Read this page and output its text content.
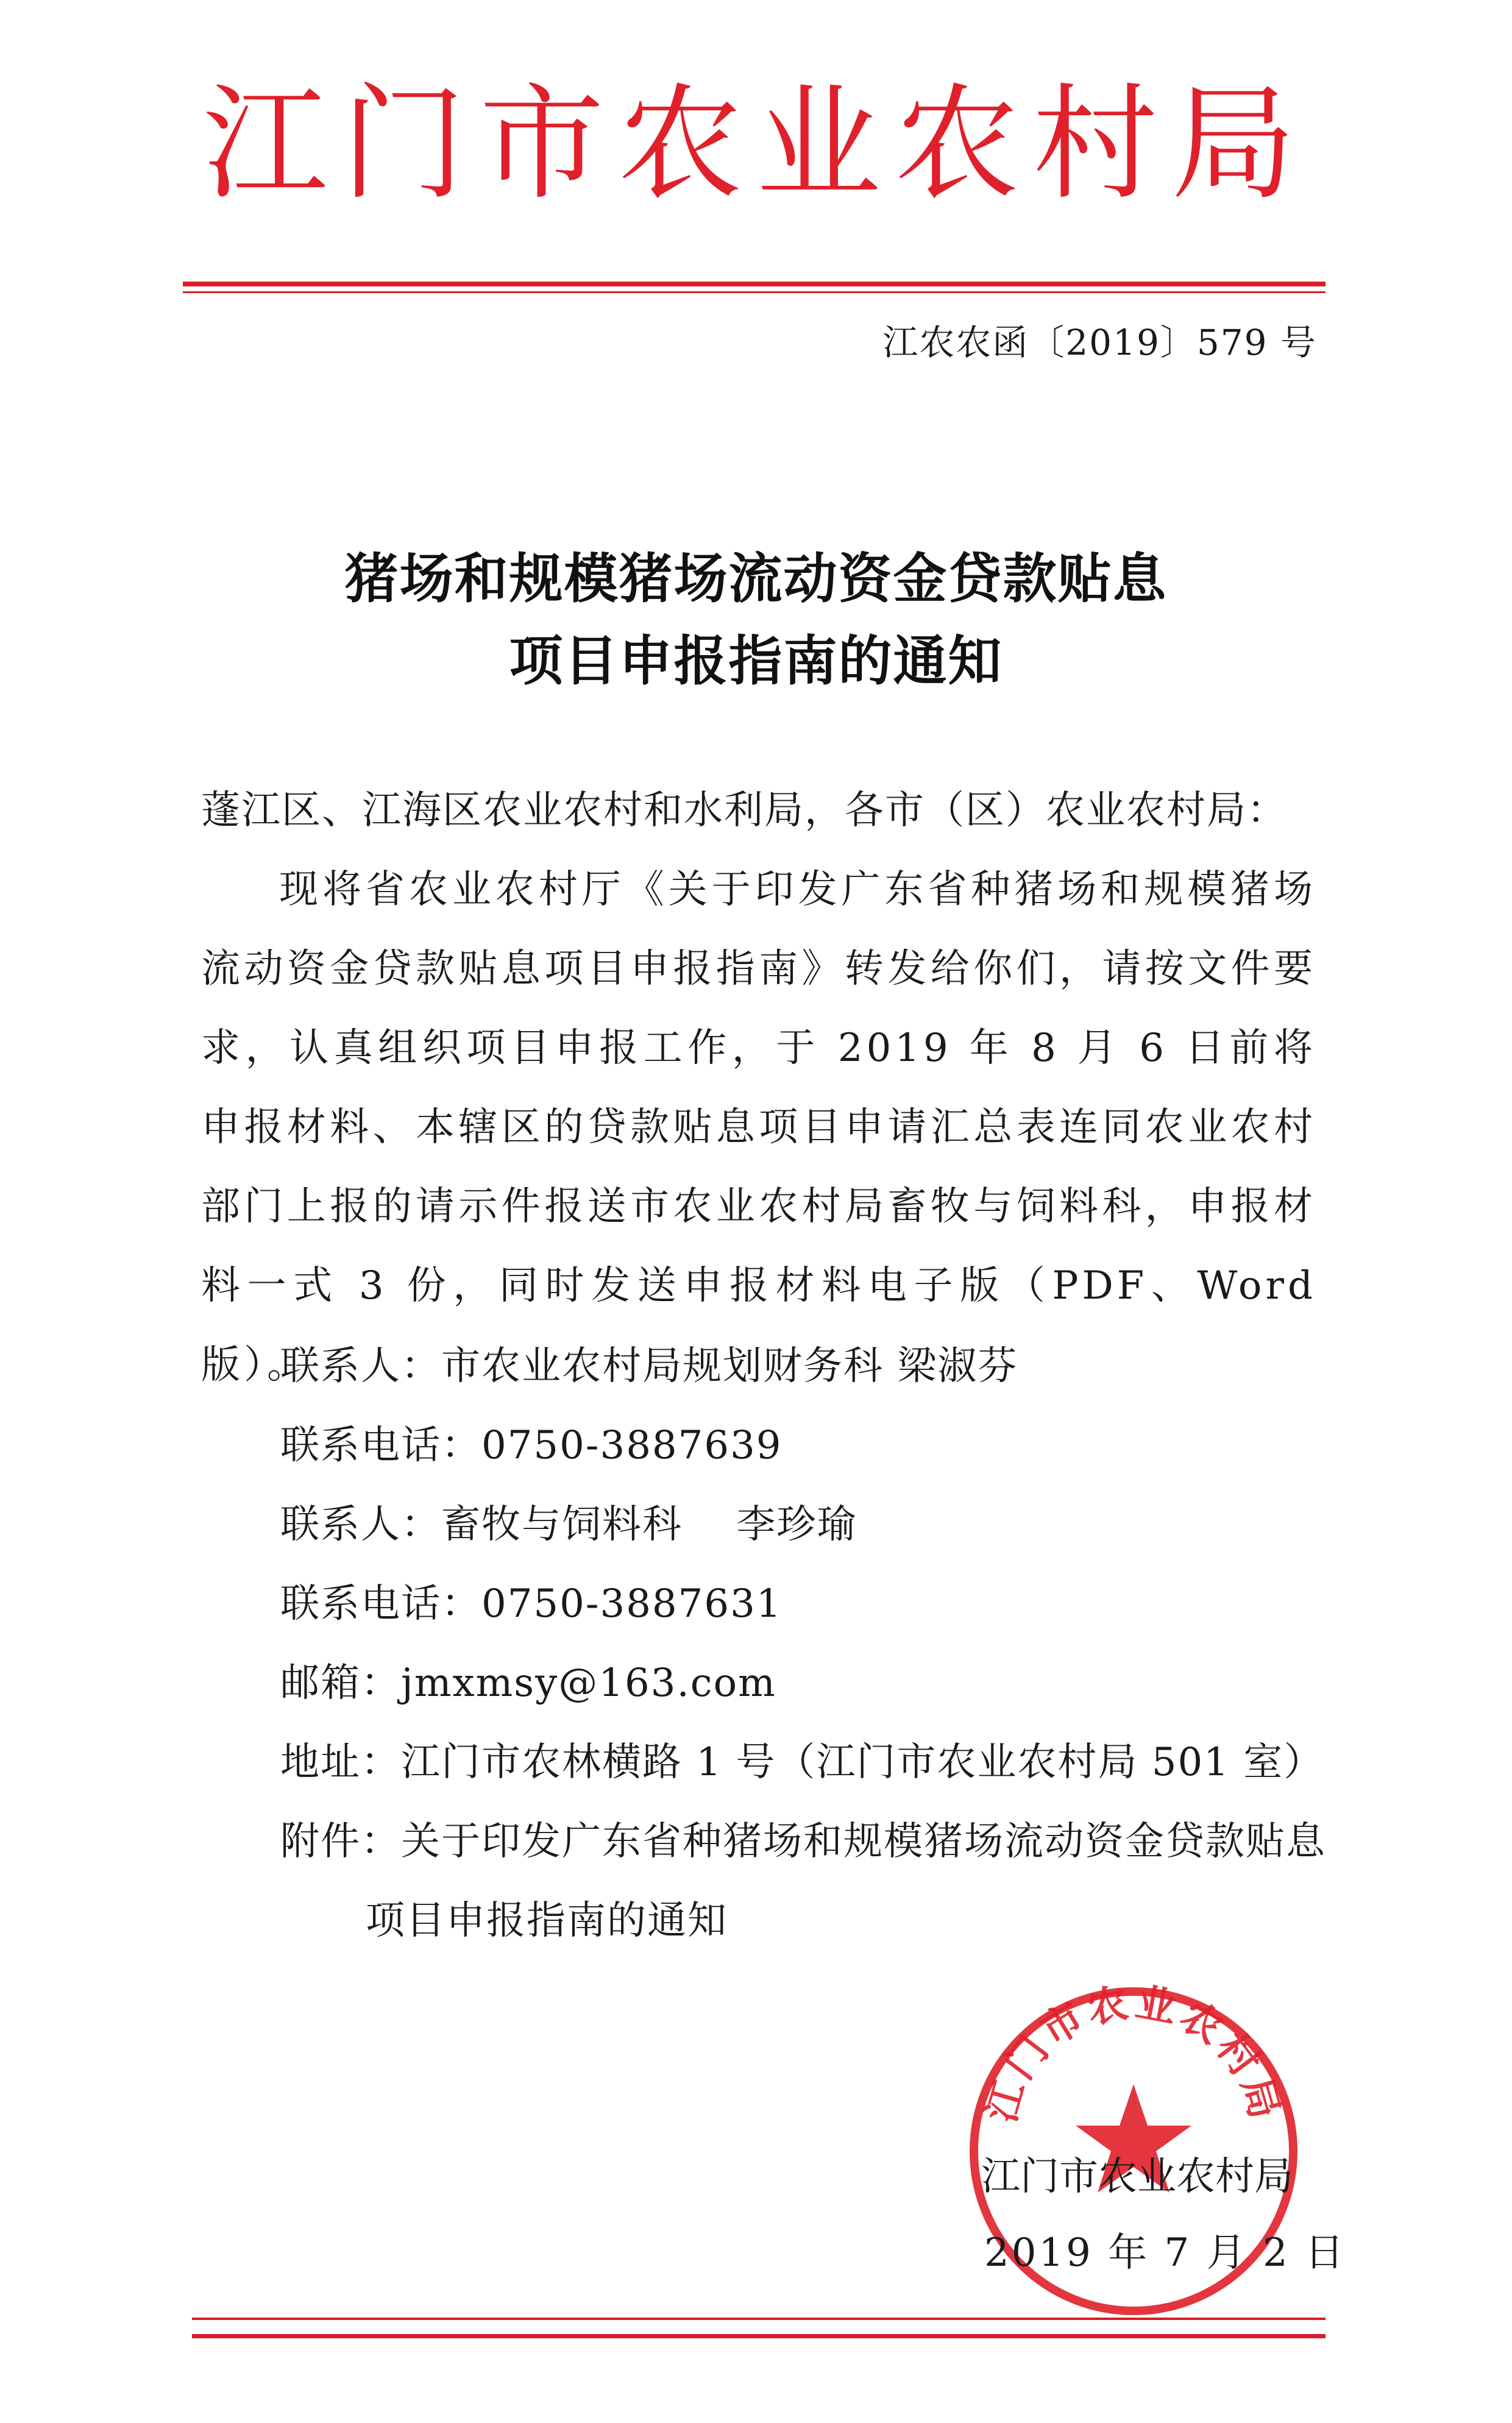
江门市农业农村局
江农农函〔2019〕579 号
猪场和规模猪场流动资金贷款贴息
项目申报指南的通知
蓬江区、江海区农业农村和水利局，各市（区）农业农村局：
现将省农业农村厅《关于印发广东省种猪场和规模猪场流动资金贷款贴息项目申报指南》转发给你们，请按文件要求，认真组织项目申报工作，于 2019 年 8 月 6 日前将申报材料、本辖区的贷款贴息项目申请汇总表连同农业农村部门上报的请示件报送市农业农村局畜牧与饲料科，申报材料一式 3 份，同时发送申报材料电子版（PDF、Word 版）。
联系人：市农业农村局规划财务科 梁淑芬
联系电话：0750-3887639
联系人：畜牧与饲料科　 李珍瑜
联系电话：0750-3887631
邮箱：jmxmsy@163.com
地址：江门市农林横路 1 号（江门市农业农村局 501 室）
附件：关于印发广东省种猪场和规模猪场流动资金贷款贴息
项目申报指南的通知
江门市农业农村局
江门市农业农村局
2019 年 7 月 2 日
